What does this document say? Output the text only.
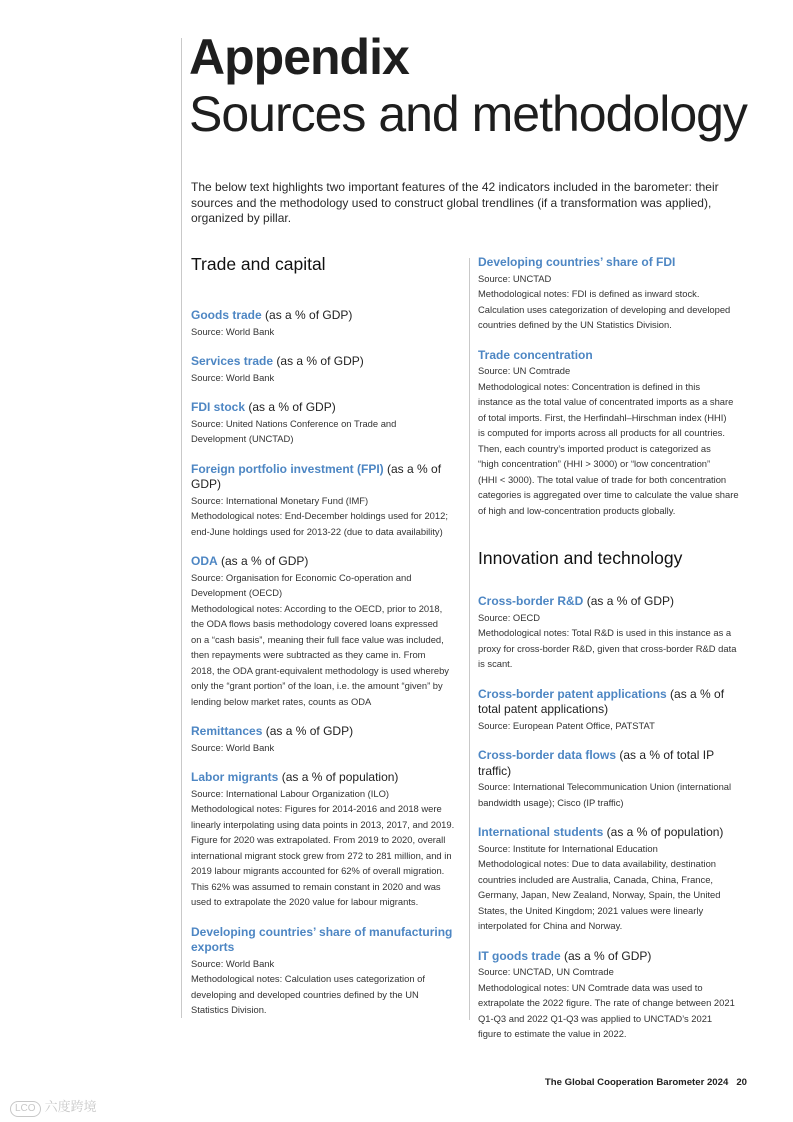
Appendix
Sources and methodology

The below text highlights two important features of the 42 indicators included in the barometer: their sources and the methodology used to construct global trendlines (if a transformation was applied), organized by pillar.

Trade and capital
Goods trade (as a % of GDP)
Source: World Bank
Services trade (as a % of GDP)
Source: World Bank
FDI stock (as a % of GDP)
Source: United Nations Conference on Trade and
Development (UNCTAD)
Foreign portfolio investment (FPI) (as a % of GDP)
Source: International Monetary Fund (IMF)
Methodological notes: End-December holdings used for 2012;
end-June holdings used for 2013-22 (due to data availability)
ODA (as a % of GDP)
Source: Organisation for Economic Co-operation and
Development (OECD)
Methodological notes: According to the OECD, prior to 2018,
the ODA flows basis methodology covered loans expressed
on a “cash basis”, meaning their full face value was included,
then repayments were subtracted as they came in. From
2018, the ODA grant-equivalent methodology is used whereby
only the “grant portion” of the loan, i.e. the amount “given” by
lending below market rates, counts as ODA
Remittances (as a % of GDP)
Source: World Bank
Labor migrants (as a % of population)
Source: International Labour Organization (ILO)
Methodological notes: Figures for 2014-2016 and 2018 were
linearly interpolating using data points in 2013, 2017, and 2019.
Figure for 2020 was extrapolated. From 2019 to 2020, overall
international migrant stock grew from 272 to 281 million, and in
2019 labour migrants accounted for 62% of overall migration.
This 62% was assumed to remain constant in 2020 and was
used to extrapolate the 2020 value for labour migrants.
Developing countries’ share of manufacturing exports
Source: World Bank
Methodological notes: Calculation uses categorization of
developing and developed countries defined by the UN
Statistics Division.
Developing countries’ share of FDI
Source: UNCTAD
Methodological notes: FDI is defined as inward stock.
Calculation uses categorization of developing and developed
countries defined by the UN Statistics Division.
Trade concentration
Source: UN Comtrade
Methodological notes: Concentration is defined in this
instance as the total value of concentrated imports as a share
of total imports. First, the Herfindahl–Hirschman index (HHI)
is computed for imports across all products for all countries.
Then, each country’s imported product is categorized as
“high concentration” (HHI > 3000) or “low concentration”
(HHI < 3000). The total value of trade for both concentration
categories is aggregated over time to calculate the value share
of high and low-concentration products globally.
Innovation and technology
Cross-border R&D (as a % of GDP)
Source: OECD
Methodological notes: Total R&D is used in this instance as a
proxy for cross-border R&D, given that cross-border R&D data
is scant.
Cross-border patent applications (as a % of total patent applications)
Source: European Patent Office, PATSTAT
Cross-border data flows (as a % of total IP traffic)
Source: International Telecommunication Union (international
bandwidth usage); Cisco (IP traffic)
International students (as a % of population)
Source: Institute for International Education
Methodological notes: Due to data availability, destination
countries included are Australia, Canada, China, France,
Germany, Japan, New Zealand, Norway, Spain, the United
States, the United Kingdom; 2021 values were linearly
interpolated for China and Norway.
IT goods trade (as a % of GDP)
Source: UNCTAD, UN Comtrade
Methodological notes: UN Comtrade data was used to
extrapolate the 2022 figure. The rate of change between 2021
Q1-Q3 and 2022 Q1-Q3 was applied to UNCTAD’s 2021
figure to estimate the value in 2022.
The Global Cooperation Barometer 2024 20
LCO 六度跨境
